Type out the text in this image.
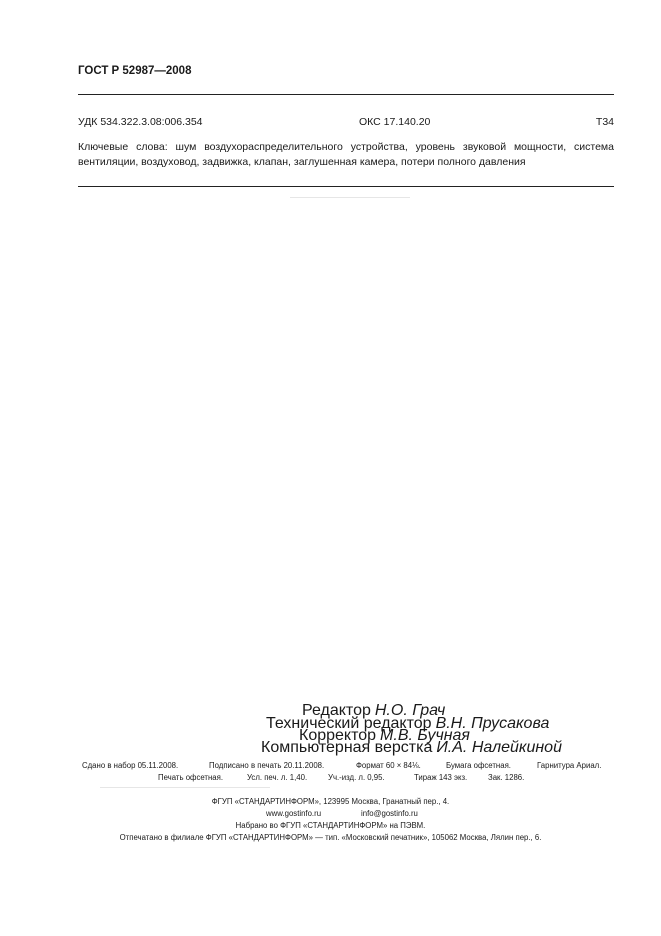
ГОСТ Р 52987—2008
УДК 534.322.3.08:006.354	ОКС 17.140.20	Т34
Ключевые слова: шум воздухораспределительного устройства, уровень звуковой мощности, система вентиляции, воздуховод, задвижка, клапан, заглушенная камера, потери полного давления
Редактор Н.О. Грач
Технический редактор В.Н. Прусакова
Корректор М.В. Бучная
Компьютерная верстка И.А. Налейкиной
Сдано в набор 05.11.2008.	Подписано в печать 20.11.2008.	Формат 60 × 84⅛.	Бумага офсетная.	Гарнитура Ариал.
Печать офсетная.	Усл. печ. л. 1,40.	Уч.-изд. л. 0,95.	Тираж 143 экз.	Зак. 1286.
ФГУП «СТАНДАРТИНФОРМ», 123995 Москва, Гранатный пер., 4.
www.gostinfo.ru	info@gostinfo.ru
Набрано во ФГУП «СТАНДАРТИНФОРМ» на ПЭВМ.
Отпечатано в филиале ФГУП «СТАНДАРТИНФОРМ» — тип. «Московский печатник», 105062 Москва, Лялин пер., 6.
